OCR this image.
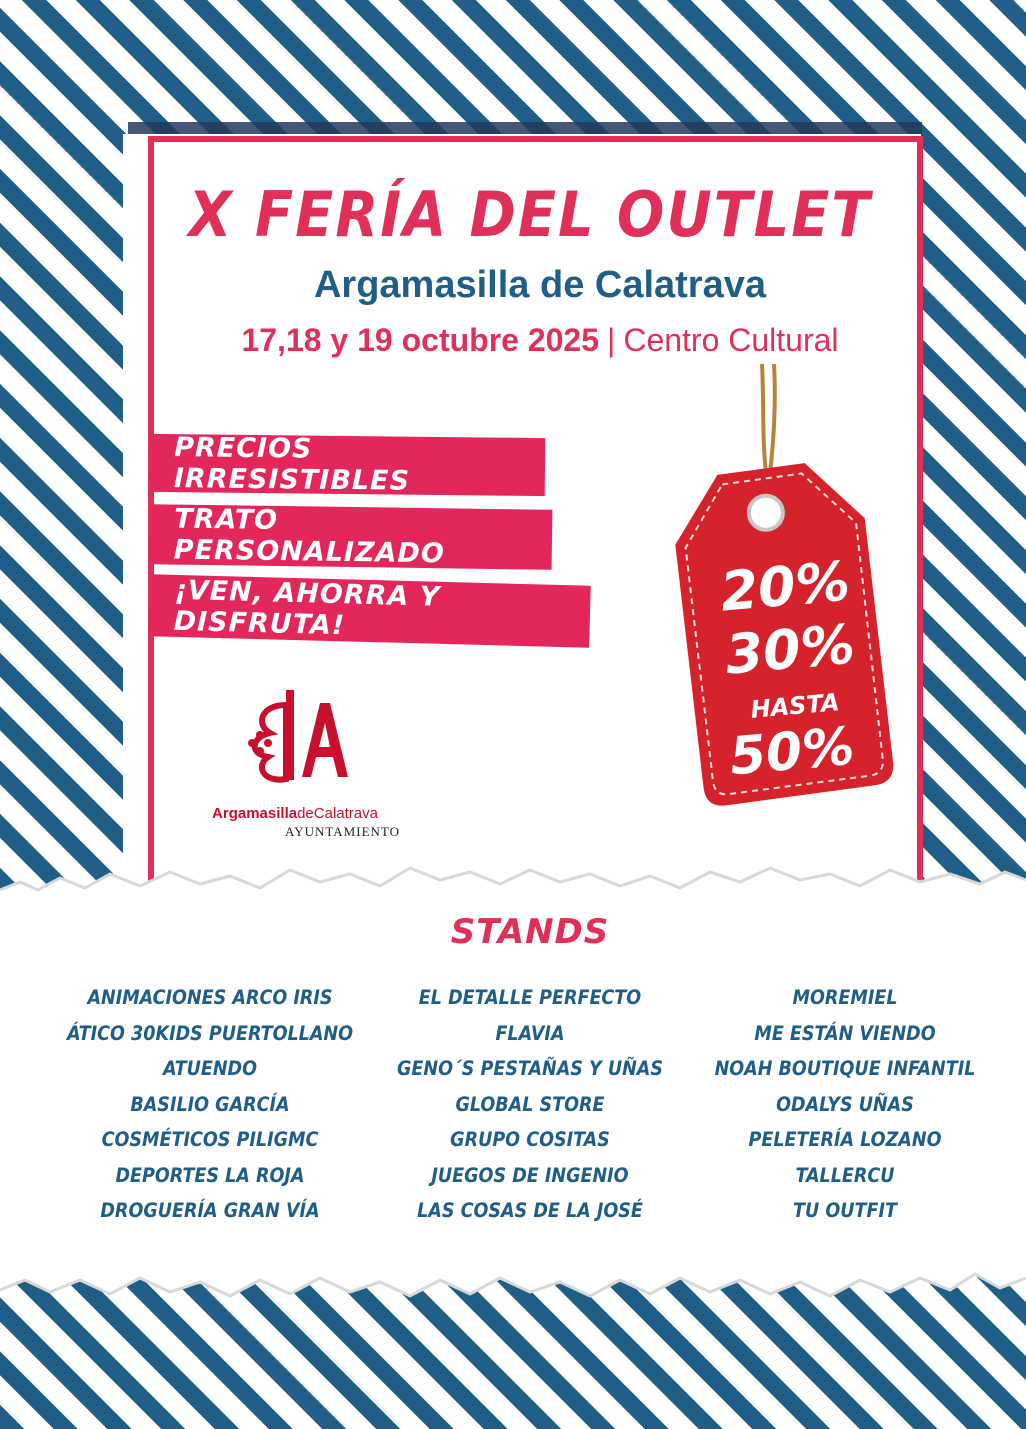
X FERÍA DEL OUTLET
Argamasilla de Calatrava
17,18 y 19 octubre 2025 | Centro Cultural
PRECIOS IRRESISTIBLES
TRATO PERSONALIZADO
¡VEN, AHORRA Y DISFRUTA!
20%
30%
HASTA
50%
ArgamasilladeCalatrava
AYUNTAMIENTO
STANDS
ANIMACIONES ARCO IRIS
ÁTICO 30KIDS PUERTOLLANO
ATUENDO
BASILIO GARCÍA
COSMÉTICOS PILIGMC
DEPORTES LA ROJA
DROGUERÍA GRAN VÍA
EL DETALLE PERFECTO
FLAVIA
GENO´S PESTAÑAS Y UÑAS
GLOBAL STORE
GRUPO COSITAS
JUEGOS DE INGENIO
LAS COSAS DE LA JOSÉ
MOREMIEL
ME ESTÁN VIENDO
NOAH BOUTIQUE INFANTIL
ODALYS UÑAS
PELETERÍA LOZANO
TALLERCU
TU OUTFIT
